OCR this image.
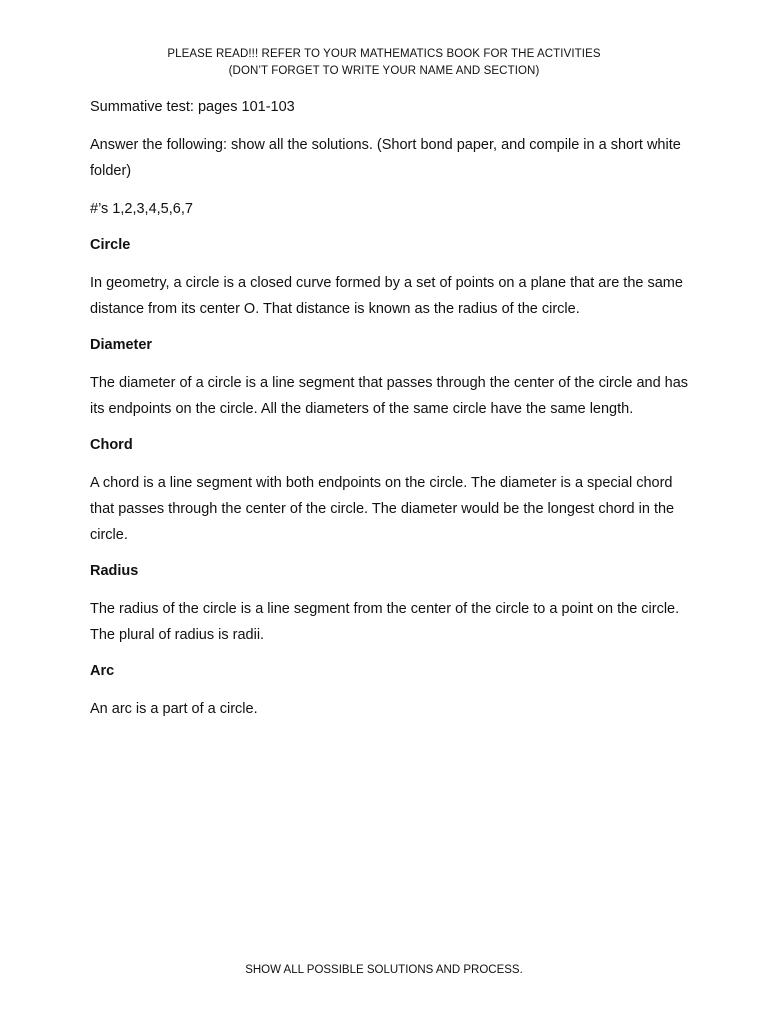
PLEASE READ!!! REFER TO YOUR MATHEMATICS BOOK FOR THE ACTIVITIES
(DON’T FORGET TO WRITE YOUR NAME AND SECTION)

Summative test: pages 101-103

Answer the following: show all the solutions. (Short bond paper, and compile in a short white folder)

#’s 1,2,3,4,5,6,7

Circle

In geometry, a circle is a closed curve formed by a set of points on a plane that are the same distance from its center O. That distance is known as the radius of the circle.

Diameter

The diameter of a circle is a line segment that passes through the center of the circle and has its endpoints on the circle. All the diameters of the same circle have the same length.

Chord

A chord is a line segment with both endpoints on the circle. The diameter is a special chord that passes through the center of the circle. The diameter would be the longest chord in the circle.

Radius

The radius of the circle is a line segment from the center of the circle to a point on the circle. The plural of radius is radii.

Arc

An arc is a part of a circle.

SHOW ALL POSSIBLE SOLUTIONS AND PROCESS.
